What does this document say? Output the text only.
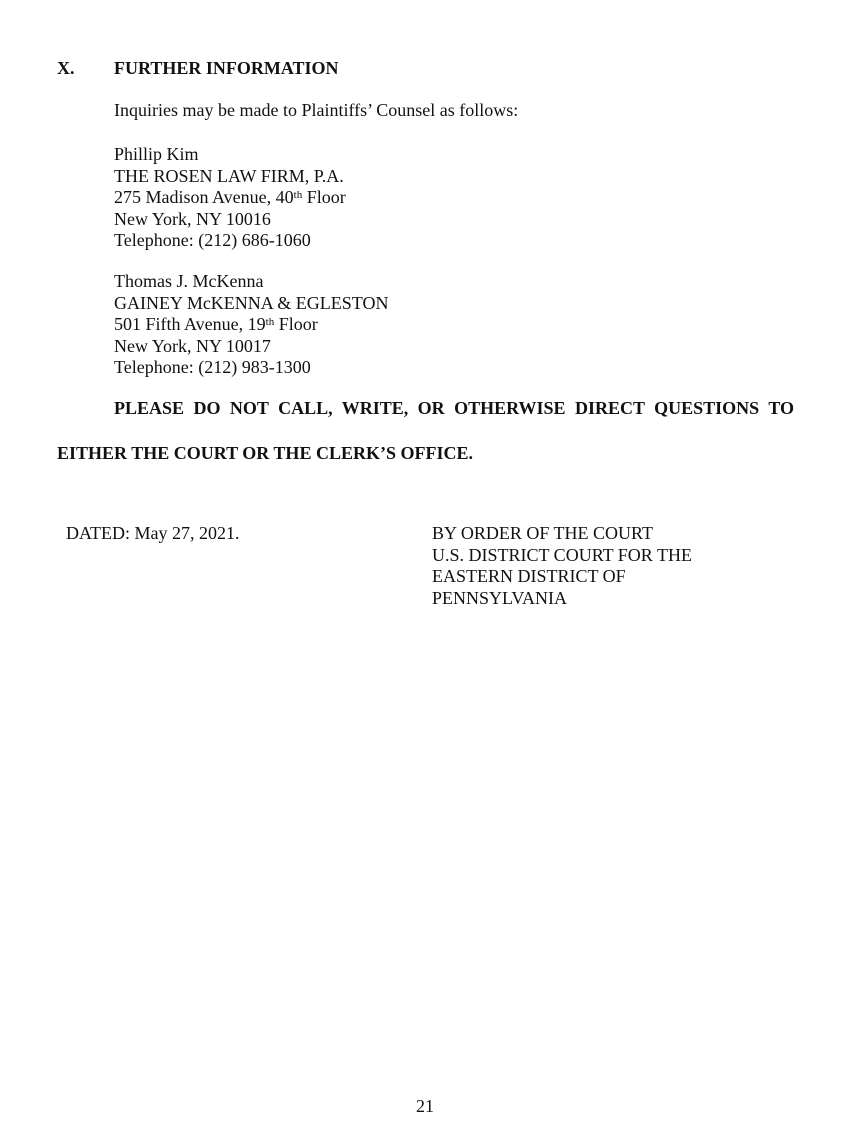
X. FURTHER INFORMATION
Inquiries may be made to Plaintiffs’ Counsel as follows:
Phillip Kim
THE ROSEN LAW FIRM, P.A.
275 Madison Avenue, 40th Floor
New York, NY 10016
Telephone: (212) 686-1060
Thomas J. McKenna
GAINEY McKENNA & EGLESTON
501 Fifth Avenue, 19th Floor
New York, NY 10017
Telephone: (212) 983-1300
PLEASE DO NOT CALL, WRITE, OR OTHERWISE DIRECT QUESTIONS TO
EITHER THE COURT OR THE CLERK’S OFFICE.
DATED: May 27, 2021.	BY ORDER OF THE COURT
U.S. DISTRICT COURT FOR THE
EASTERN DISTRICT OF
PENNSYLVANIA
21
